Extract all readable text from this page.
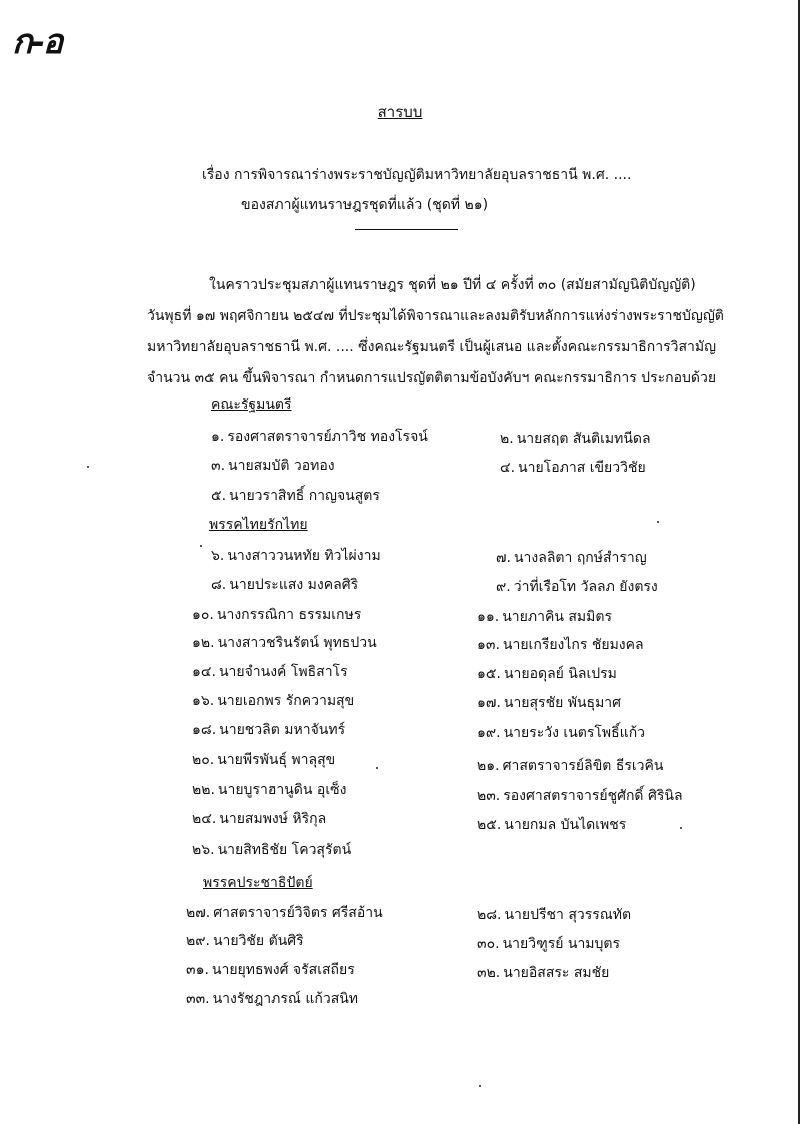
ก-อ
สารบบ
เรื่อง การพิจารณาร่างพระราชบัญญัติมหาวิทยาลัยอุบลราชธานี พ.ศ. ....
ของสภาผู้แทนราษฎรชุดที่แล้ว (ชุดที่ ๒๑)
ในคราวประชุมสภาผู้แทนราษฎร ชุดที่ ๒๑ ปีที่ ๔ ครั้งที่ ๓๐ (สมัยสามัญนิติบัญญัติ)
วันพุธที่ ๑๗ พฤศจิกายน ๒๕๔๗ ที่ประชุมได้พิจารณาและลงมติรับหลักการแห่งร่างพระราชบัญญัติ
มหาวิทยาลัยอุบลราชธานี พ.ศ. .... ซึ่งคณะรัฐมนตรี เป็นผู้เสนอ และตั้งคณะกรรมาธิการวิสามัญ
จำนวน ๓๕ คน ขึ้นพิจารณา กำหนดการแปรญัตติตามข้อบังคับฯ คณะกรรมาธิการ ประกอบด้วย
คณะรัฐมนตรี
พรรคไทยรักไทย
พรรคประชาธิปัตย์
๑. รองศาสตราจารย์ภาวิช ทองโรจน์
๓. นายสมบัติ วอทอง
๕. นายวราสิทธิ์ กาญจนสูตร
๖. นางสาววนหทัย ทิวไผ่งาม
๘. นายประแสง มงคลศิริ
๑๐. นางกรรณิกา ธรรมเกษร
๑๒. นางสาวชรินรัตน์ พุทธปวน
๑๔. นายจำนงค์ โพธิสาโร
๑๖. นายเอกพร รักความสุข
๑๘. นายชวลิต มหาจันทร์
๒๐. นายพีรพันธุ์ พาลุสุข
๒๒. นายบูราฮานูดิน อุเซ็ง
๒๔. นายสมพงษ์ หิริกุล
๒๖. นายสิทธิชัย โควสุรัตน์
๒๗. ศาสตราจารย์วิจิตร ศรีสอ้าน
๒๙. นายวิชัย ตันศิริ
๓๑. นายยุทธพงศ์ จรัสเสถียร
๓๓. นางรัชฎาภรณ์ แก้วสนิท
๒. นายสฤต สันติเมทนีดล
๔. นายโอภาส เขียววิชัย
๗. นางลลิตา ฤกษ์สำราญ
๙. ว่าที่เรือโท วัลลภ ยังตรง
๑๑. นายภาคิน สมมิตร
๑๓. นายเกรียงไกร ชัยมงคล
๑๕. นายอดุลย์ นิลเปรม
๑๗. นายสุรชัย พันธุมาศ
๑๙. นายระวัง เนตรโพธิ์แก้ว
๒๑. ศาสตราจารย์ลิขิต ธีรเวคิน
๒๓. รองศาสตราจารย์ชูศักดิ์ ศิรินิล
๒๕. นายกมล บันไดเพชร
๒๘. นายปรีชา สุวรรณทัต
๓๐. นายวิฑูรย์ นามบุตร
๓๒. นายอิสสระ สมชัย
